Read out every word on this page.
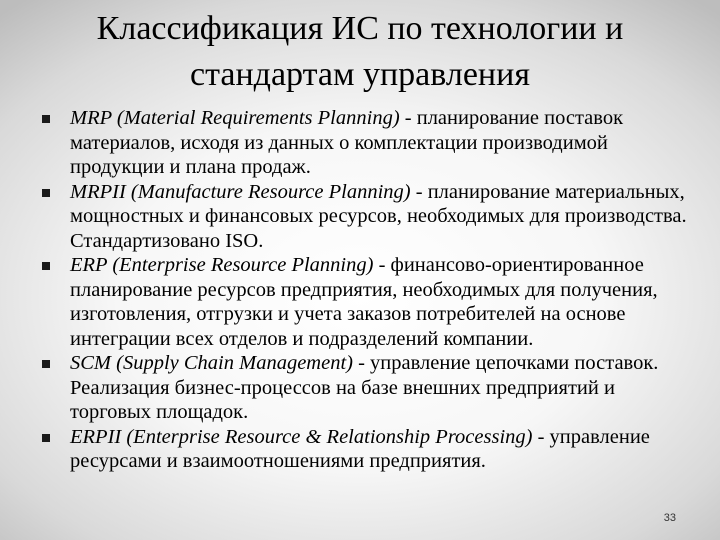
Классификация ИС по технологии и стандартам управления
MRP (Material Requirements Planning) - планирование поставок материалов, исходя из данных о комплектации производимой продукции и плана продаж.
MRPII (Manufacture Resource Planning) - планирование материальных, мощностных и финансовых ресурсов, необходимых для производства. Стандартизовано ISO.
ERP (Enterprise Resource Planning) - финансово-ориентированное планирование ресурсов предприятия, необходимых для получения, изготовления, отгрузки и учета заказов потребителей на основе интеграции всех отделов и подразделений компании.
SCM (Supply Chain Management) - управление цепочками поставок. Реализация бизнес-процессов на базе внешних предприятий и торговых площадок.
ERPII (Enterprise Resource & Relationship Processing) - управление ресурсами и взаимоотношениями предприятия.
33
